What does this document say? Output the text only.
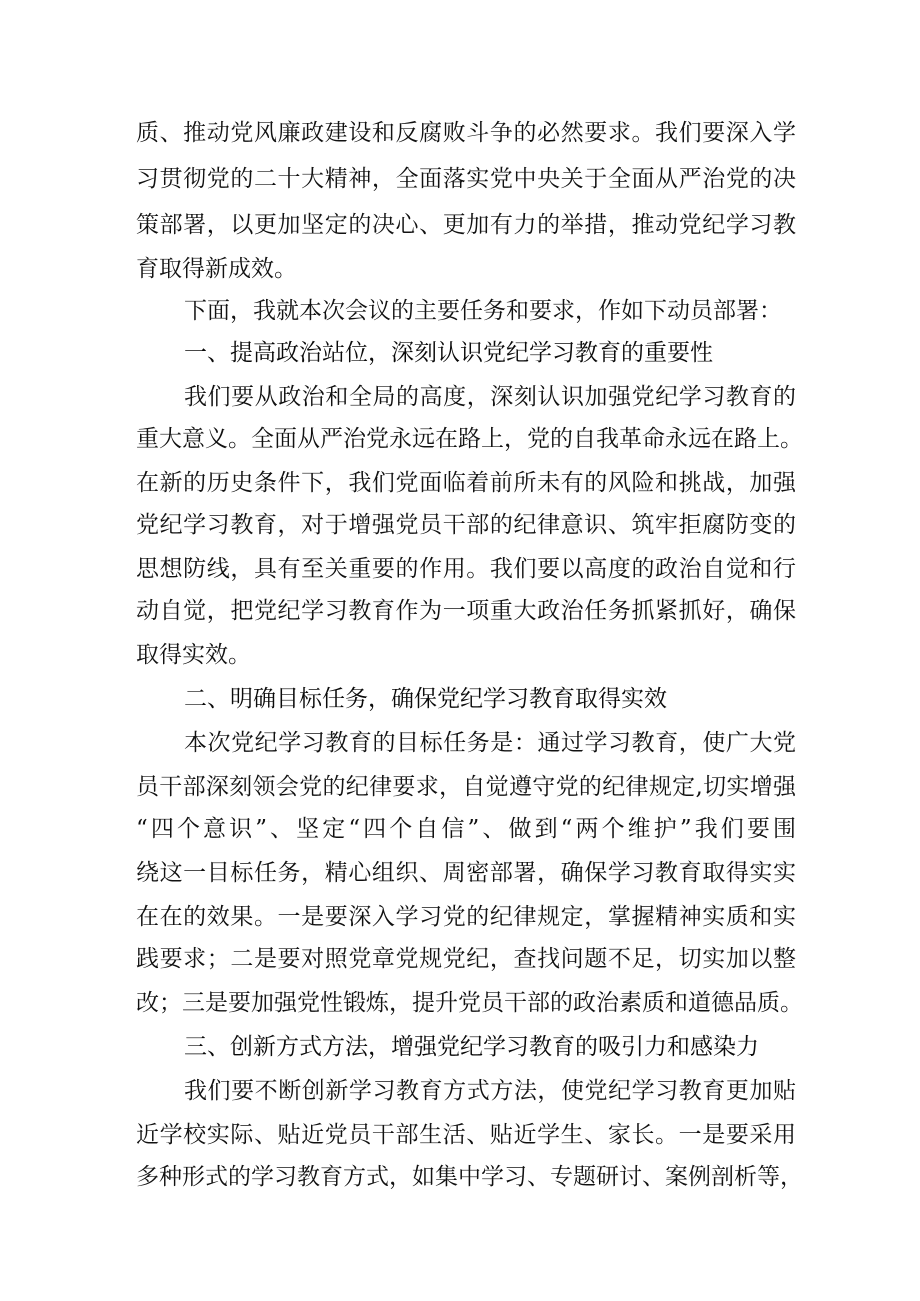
质、推动党风廉政建设和反腐败斗争的必然要求。我们要深入学
习贯彻党的二十大精神，全面落实党中央关于全面从严治党的决
策部署，以更加坚定的决心、更加有力的举措，推动党纪学习教
育取得新成效。
下面，我就本次会议的主要任务和要求，作如下动员部署：
一、提高政治站位，深刻认识党纪学习教育的重要性
我们要从政治和全局的高度，深刻认识加强党纪学习教育的
重大意义。全面从严治党永远在路上，党的自我革命永远在路上。
在新的历史条件下，我们党面临着前所未有的风险和挑战，加强
党纪学习教育，对于增强党员干部的纪律意识、筑牢拒腐防变的
思想防线，具有至关重要的作用。我们要以高度的政治自觉和行
动自觉，把党纪学习教育作为一项重大政治任务抓紧抓好，确保
取得实效。
二、明确目标任务，确保党纪学习教育取得实效
本次党纪学习教育的目标任务是：通过学习教育，使广大党
员干部深刻领会党的纪律要求，自觉遵守党的纪律规定,切实增强
“四个意识”、坚定“四个自信”、做到“两个维护”我们要围
绕这一目标任务，精心组织、周密部署，确保学习教育取得实实
在在的效果。一是要深入学习党的纪律规定，掌握精神实质和实
践要求；二是要对照党章党规党纪，查找问题不足，切实加以整
改；三是要加强党性锻炼，提升党员干部的政治素质和道德品质。
三、创新方式方法，增强党纪学习教育的吸引力和感染力
我们要不断创新学习教育方式方法，使党纪学习教育更加贴
近学校实际、贴近党员干部生活、贴近学生、家长。一是要采用
多种形式的学习教育方式，如集中学习、专题研讨、案例剖析等，
